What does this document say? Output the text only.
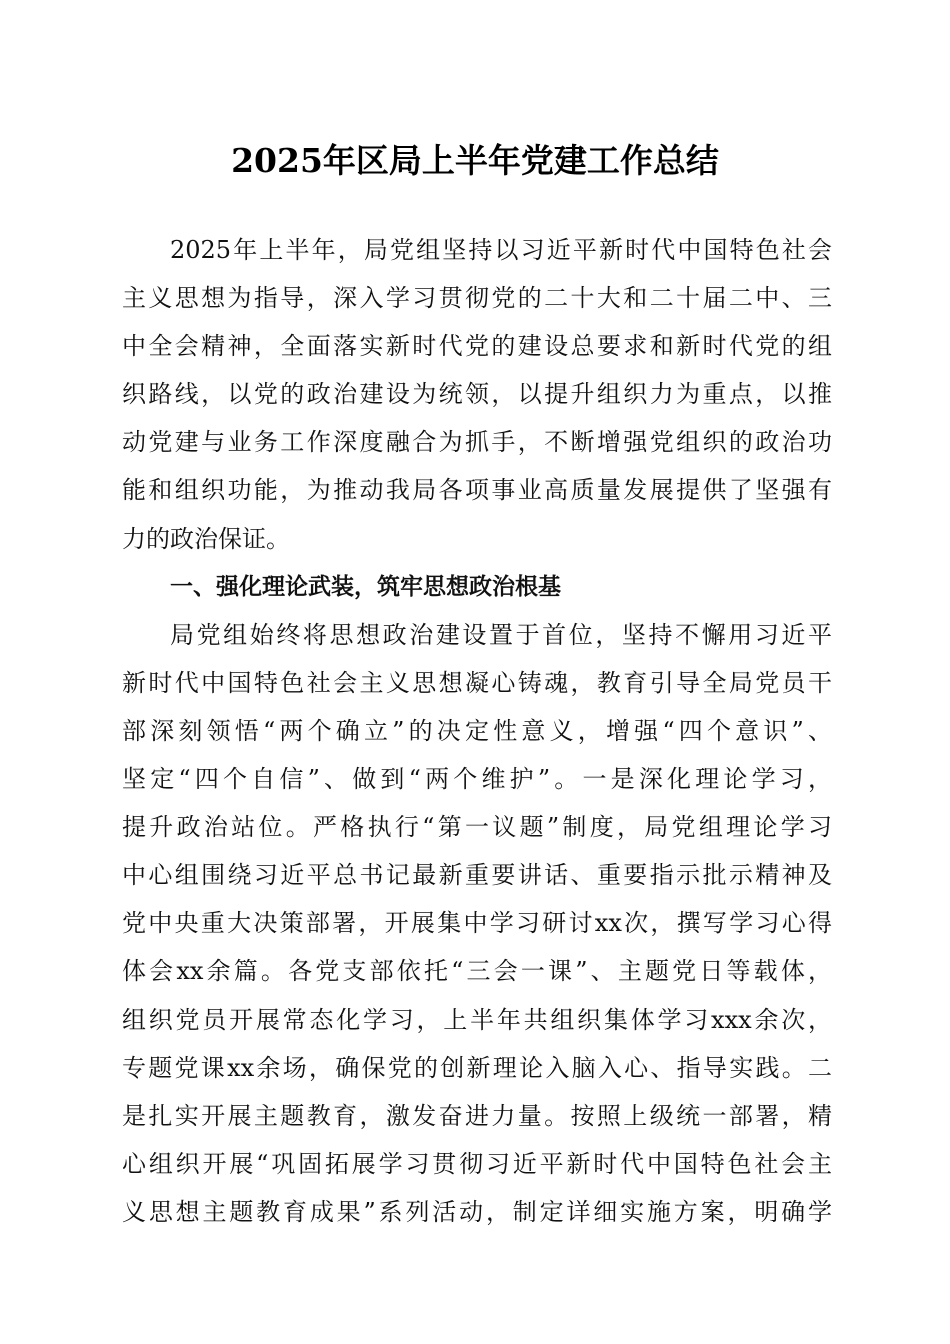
2025年区局上半年党建工作总结
2025年上半年，局党组坚持以习近平新时代中国特色社会
主义思想为指导，深入学习贯彻党的二十大和二十届二中、三
中全会精神，全面落实新时代党的建设总要求和新时代党的组
织路线，以党的政治建设为统领，以提升组织力为重点，以推
动党建与业务工作深度融合为抓手，不断增强党组织的政治功
能和组织功能，为推动我局各项事业高质量发展提供了坚强有
力的政治保证。
一、强化理论武装，筑牢思想政治根基
局党组始终将思想政治建设置于首位，坚持不懈用习近平
新时代中国特色社会主义思想凝心铸魂，教育引导全局党员干
部深刻领悟“两个确立”的决定性意义，增强“四个意识”、
坚定“四个自信”、做到“两个维护”。一是深化理论学习，
提升政治站位。严格执行“第一议题”制度，局党组理论学习
中心组围绕习近平总书记最新重要讲话、重要指示批示精神及
党中央重大决策部署，开展集中学习研讨xx次，撰写学习心得
体会xx余篇。各党支部依托“三会一课”、主题党日等载体，
组织党员开展常态化学习，上半年共组织集体学习xxx余次，
专题党课xx余场，确保党的创新理论入脑入心、指导实践。二
是扎实开展主题教育，激发奋进力量。按照上级统一部署，精
心组织开展“巩固拓展学习贯彻习近平新时代中国特色社会主
义思想主题教育成果”系列活动，制定详细实施方案，明确学
